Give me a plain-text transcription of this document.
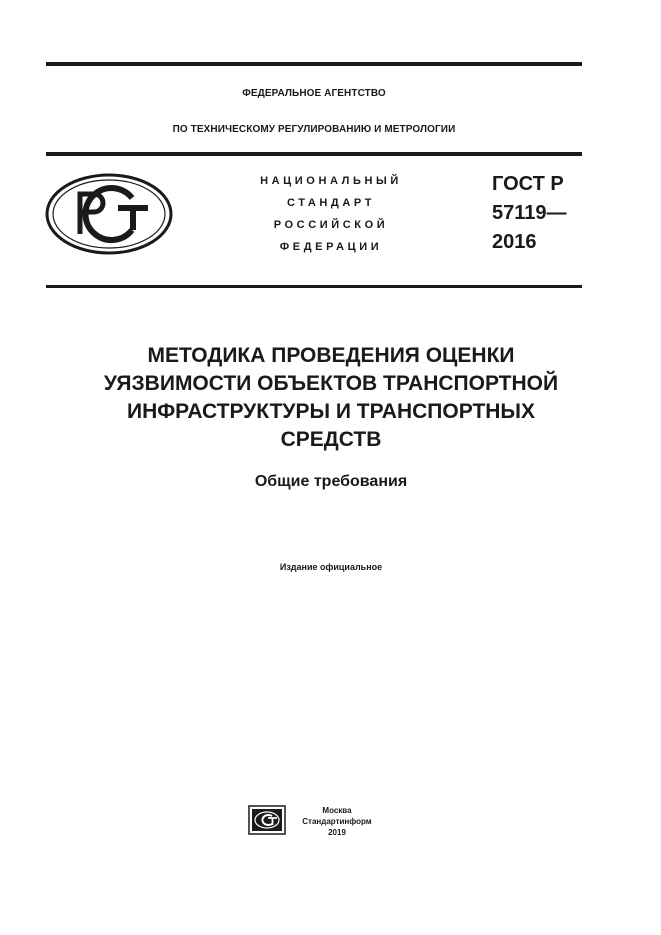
ФЕДЕРАЛЬНОЕ АГЕНТСТВО
ПО ТЕХНИЧЕСКОМУ РЕГУЛИРОВАНИЮ И МЕТРОЛОГИИ
НАЦИОНАЛЬНЫЙ
СТАНДАРТ
РОССИЙСКОЙ
ФЕДЕРАЦИИ
ГОСТ Р
57119—
2016
МЕТОДИКА ПРОВЕДЕНИЯ ОЦЕНКИ
УЯЗВИМОСТИ ОБЪЕКТОВ ТРАНСПОРТНОЙ
ИНФРАСТРУКТУРЫ И ТРАНСПОРТНЫХ
СРЕДСТВ
Общие требования
Издание официальное
Москва
Стандартинформ
2019
